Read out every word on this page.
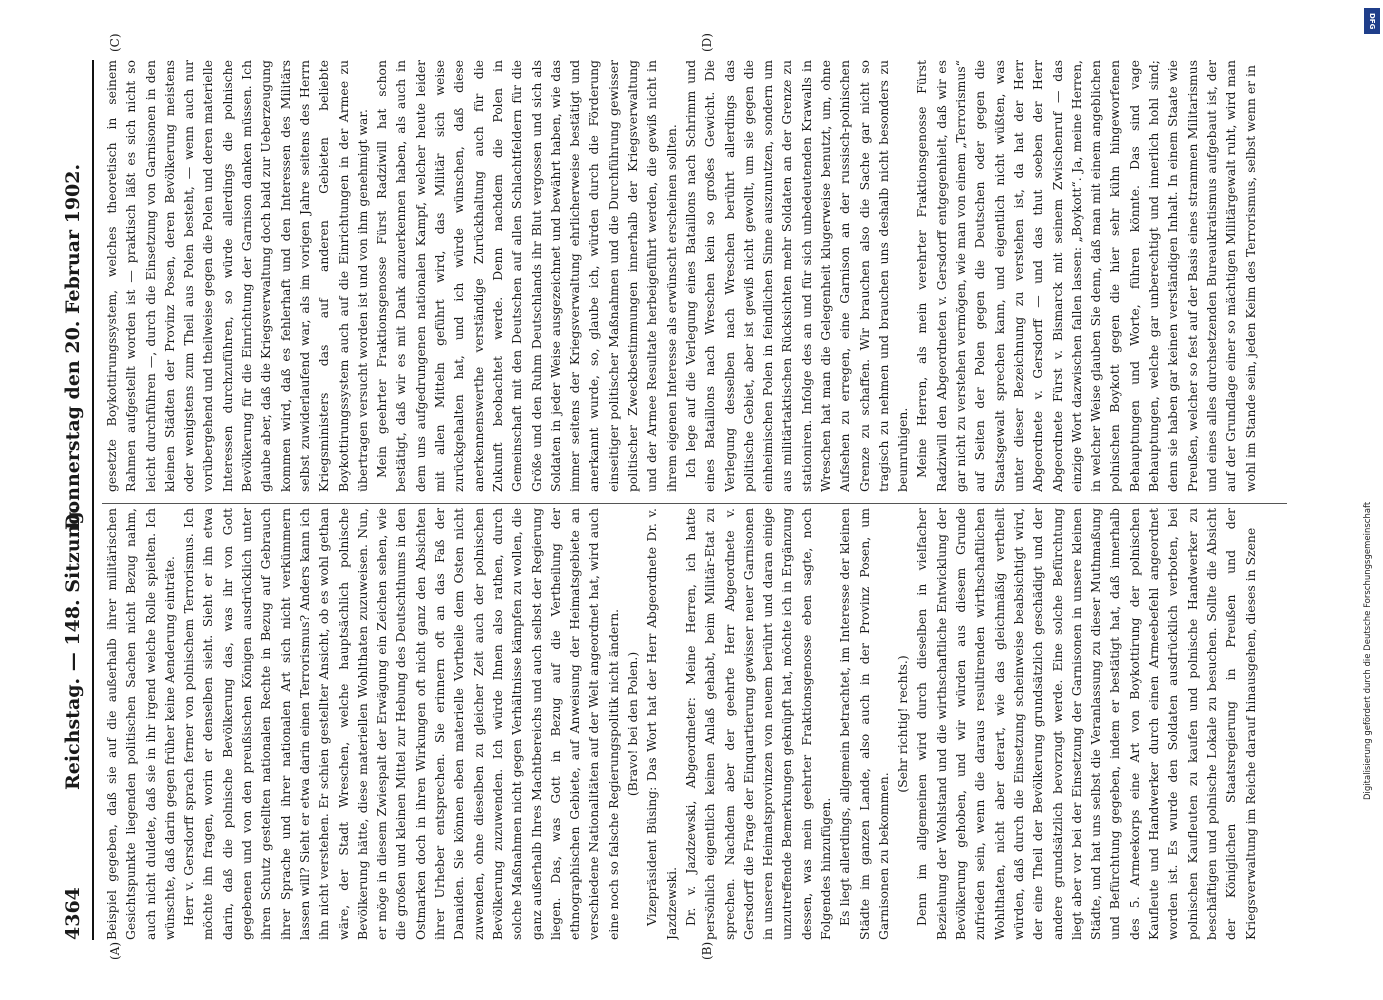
DFG
Digitalisierung gefördert durch die Deutsche Forschungsgemeinschaft
4364
Reichstag. — 148. Sitzung.
Donnerstag den 20. Februar 1902.
(A)	(B)
(C)	(D)

Beispiel gegeben, daß sie auf die außerhalb ihrer militärischen Gesichtspunkte liegenden politischen Sachen nicht Bezug nahm, auch nicht duldete, daß sie in ihr irgend welche Rolle spielten. Ich wünschte, daß darin gegen früher keine Aenderung einträte. Herr v. Gersdorff sprach ferner von polnischem Terrorismus. Ich möchte ihn fragen, worin er denselben sieht. Sieht er ihn etwa darin, daß die polnische Bevölkerung das, was ihr von Gott gegebenen und von den preußischen Königen ausdrücklich unter ihren Schutz gestellten nationalen Rechte in Bezug auf Gebrauch ihrer Sprache und ihrer nationalen Art sich nicht verkümmern lassen will? Sieht er etwa darin einen Terrorismus? Anders kann ich ihn nicht verstehen. Er schien gestellter Ansicht, ob es wohl gethan wäre, der Stadt Wreschen, welche hauptsächlich polnische Bevölkerung hätte, diese materiellen Wohlthaten zuzuweisen. Nun, er möge in diesem Zwiespalt der Erwägung ein Zeichen sehen, wie die großen und kleinen Mittel zur Hebung des Deutschthums in den Ostmarken doch in ihren Wirkungen oft nicht ganz den Absichten ihrer Urheber entsprechen. Sie erinnern oft an das Faß der Danaiden. Sie können eben materielle Vortheile dem Osten nicht zuwenden, ohne dieselben zu gleicher Zeit auch der polnischen Bevölkerung zuzuwenden. Ich würde Ihnen also rathen, durch solche Maßnahmen nicht gegen Verhältnisse kämpfen zu wollen, die ganz außerhalb Ihres Machtbereichs und auch selbst der Regierung liegen. Das, was Gott in Bezug auf die Vertheilung der ethnographischen Gebiete, auf Anweisung der Heimatsgebiete an verschiedene Nationalitäten auf der Welt angeordnet hat, wird auch eine noch so falsche Regierungspolitik nicht ändern. (Bravo! bei den Polen.) Vizepräsident Büsing: Das Wort hat der Herr Abgeordnete Dr. v. Jazdzewski. Dr. v. Jazdzewski, Abgeordneter: Meine Herren, ich hatte persönlich eigentlich keinen Anlaß gehabt, beim Militär-Etat zu sprechen. Nachdem aber der geehrte Herr Abgeordnete v. Gersdorff die Frage der Einquartierung gewisser neuer Garnisonen in unseren Heimatsprovinzen von neuem berührt und daran einige unzutreffende Bemerkungen geknüpft hat, möchte ich in Ergänzung dessen, was mein geehrter Fraktionsgenosse eben sagte, noch Folgendes hinzufügen. Es liegt allerdings, allgemein betrachtet, im Interesse der kleinen Städte im ganzen Lande, also auch in der Provinz Posen, um Garnisonen zu bekommen.

(Sehr richtig! rechts.) Denn im allgemeinen wird durch dieselben in vielfacher Beziehung der Wohlstand und die wirthschaftliche Entwicklung der Bevölkerung gehoben, und wir würden aus diesem Grunde zufrieden sein, wenn die daraus resultirenden wirthschaftlichen Wohlthaten, nicht aber derart, wie das gleichmäßig vertheilt würden, daß durch die Einsetzung scheinweise beabsichtigt wird, der eine Theil der Bevölkerung grundsätzlich geschädigt und der andere grundsätzlich bevorzugt werde. Eine solche Befürchtung liegt aber vor bei der Einsetzung der Garnisonen in unsere kleinen Städte, und hat uns selbst die Veranlassung zu dieser Muthmaßung und Befürchtung gegeben, indem er bestätigt hat, daß innerhalb des 5. Armeekorps eine Art von Boykottirung der polnischen Kaufleute und Handwerker durch einen Armeebefehl angeordnet worden ist. Es wurde den Soldaten ausdrücklich verboten, bei polnischen Kaufleuten zu kaufen und polnische Handwerker zu beschäftigen und polnische Lokale zu besuchen. Sollte die Absicht der Königlichen Staatsregierung in Preußen und der Kriegsverwaltung im Reiche darauf hinausgehen, dieses in Szene

gesetzte Boykottirungssystem, welches theoretisch in seinem Rahmen aufgestellt worden ist — praktisch läßt es sich nicht so leicht durchführen —, durch die Einsetzung von Garnisonen in den kleinen Städten der Provinz Posen, deren Bevölkerung meistens oder wenigstens zum Theil aus Polen besteht, — wenn auch nur vorübergehend und theilweise gegen die Polen und deren materielle Interessen durchzuführen, so würde allerdings die polnische Bevölkerung für die Einrichtung der Garnison danken müssen. Ich glaube aber, daß die Kriegsverwaltung doch bald zur Ueberzeugung kommen wird, daß es fehlerhaft und den Interessen des Militärs selbst zuwiderlaufend war, als im vorigen Jahre seitens des Herrn Kriegsministers das auf anderen Gebieten beliebte Boykottirungssystem auch auf die Einrichtungen in der Armee zu übertragen versucht worden ist und von ihm genehmigt war. Mein geehrter Fraktionsgenosse Fürst Radziwill hat schon bestätigt, daß wir es mit Dank anzuerkennen haben, als auch in dem uns aufgedrungenen nationalen Kampf, welcher heute leider mit allen Mitteln geführt wird, das Militär sich weise zurückgehalten hat, und ich würde wünschen, daß diese anerkennenswerthe verständige Zurückhaltung auch für die Zukunft beobachtet werde. Denn nachdem die Polen in Gemeinschaft mit den Deutschen auf allen Schlachtfeldern für die Größe und den Ruhm Deutschlands ihr Blut vergossen und sich als Soldaten in jeder Weise ausgezeichnet und bewährt haben, wie das immer seitens der Kriegsverwaltung ehrlicherweise bestätigt und anerkannt wurde, so, glaube ich, würden durch die Förderung einseitiger politischer Maßnahmen und die Durchführung gewisser politischer Zweckbestimmungen innerhalb der Kriegsverwaltung und der Armee Resultate herbeigeführt werden, die gewiß nicht in ihrem eigenen Interesse als erwünscht erscheinen sollten. Ich lege auf die Verlegung eines Bataillons nach Schrimm und eines Bataillons nach Wreschen kein so großes Gewicht. Die Verlegung desselben nach Wreschen berührt allerdings das politische Gebiet, aber ist gewiß nicht gewollt, um sie gegen die einheimischen Polen in feindlichen Sinne auszunutzen, sondern um aus militärtaktischen Rücksichten mehr Soldaten an der Grenze zu stationiren. Infolge des an und für sich unbedeutenden Krawalls in Wreschen hat man die Gelegenheit klugerweise benutzt, um, ohne Aufsehen zu erregen, eine Garnison an der russisch-polnischen Grenze zu schaffen. Wir brauchen also die Sache gar nicht so tragisch zu nehmen und brauchen uns deshalb nicht besonders zu beunruhigen. Meine Herren, als mein verehrter Fraktionsgenosse Fürst Radziwill den Abgeordneten v. Gersdorff entgegenhielt, daß wir es gar nicht zu verstehen vermögen, wie man von einem „Terrorismus“ auf Seiten der Polen gegen die Deutschen oder gegen die Staatsgewalt sprechen kann, und eigentlich nicht wüßten, was unter dieser Bezeichnung zu verstehen ist, da hat der Herr Abgeordnete v. Gersdorff — und das thut soeben der Herr Abgeordnete Fürst v. Bismarck mit seinem Zwischenruf — das einzige Wort dazwischen fallen lassen: „Boykott“. Ja, meine Herren, in welcher Weise glauben Sie denn, daß man mit einem angeblichen polnischen Boykott gegen die hier sehr kühn hingeworfenen Behauptungen und Worte, führen könnte. Das sind vage Behauptungen, welche gar unberechtigt und innerlich hohl sind; denn sie haben gar keinen verständigen Inhalt. In einem Staate wie Preußen, welcher so fest auf der Basis eines strammen Militarismus und eines alles durchsetzenden Bureaukratismus aufgebaut ist, der auf der Grundlage einer so mächtigen Militärgewalt ruht, wird man wohl im Stande sein, jeden Keim des Terrorismus, selbst wenn er in
